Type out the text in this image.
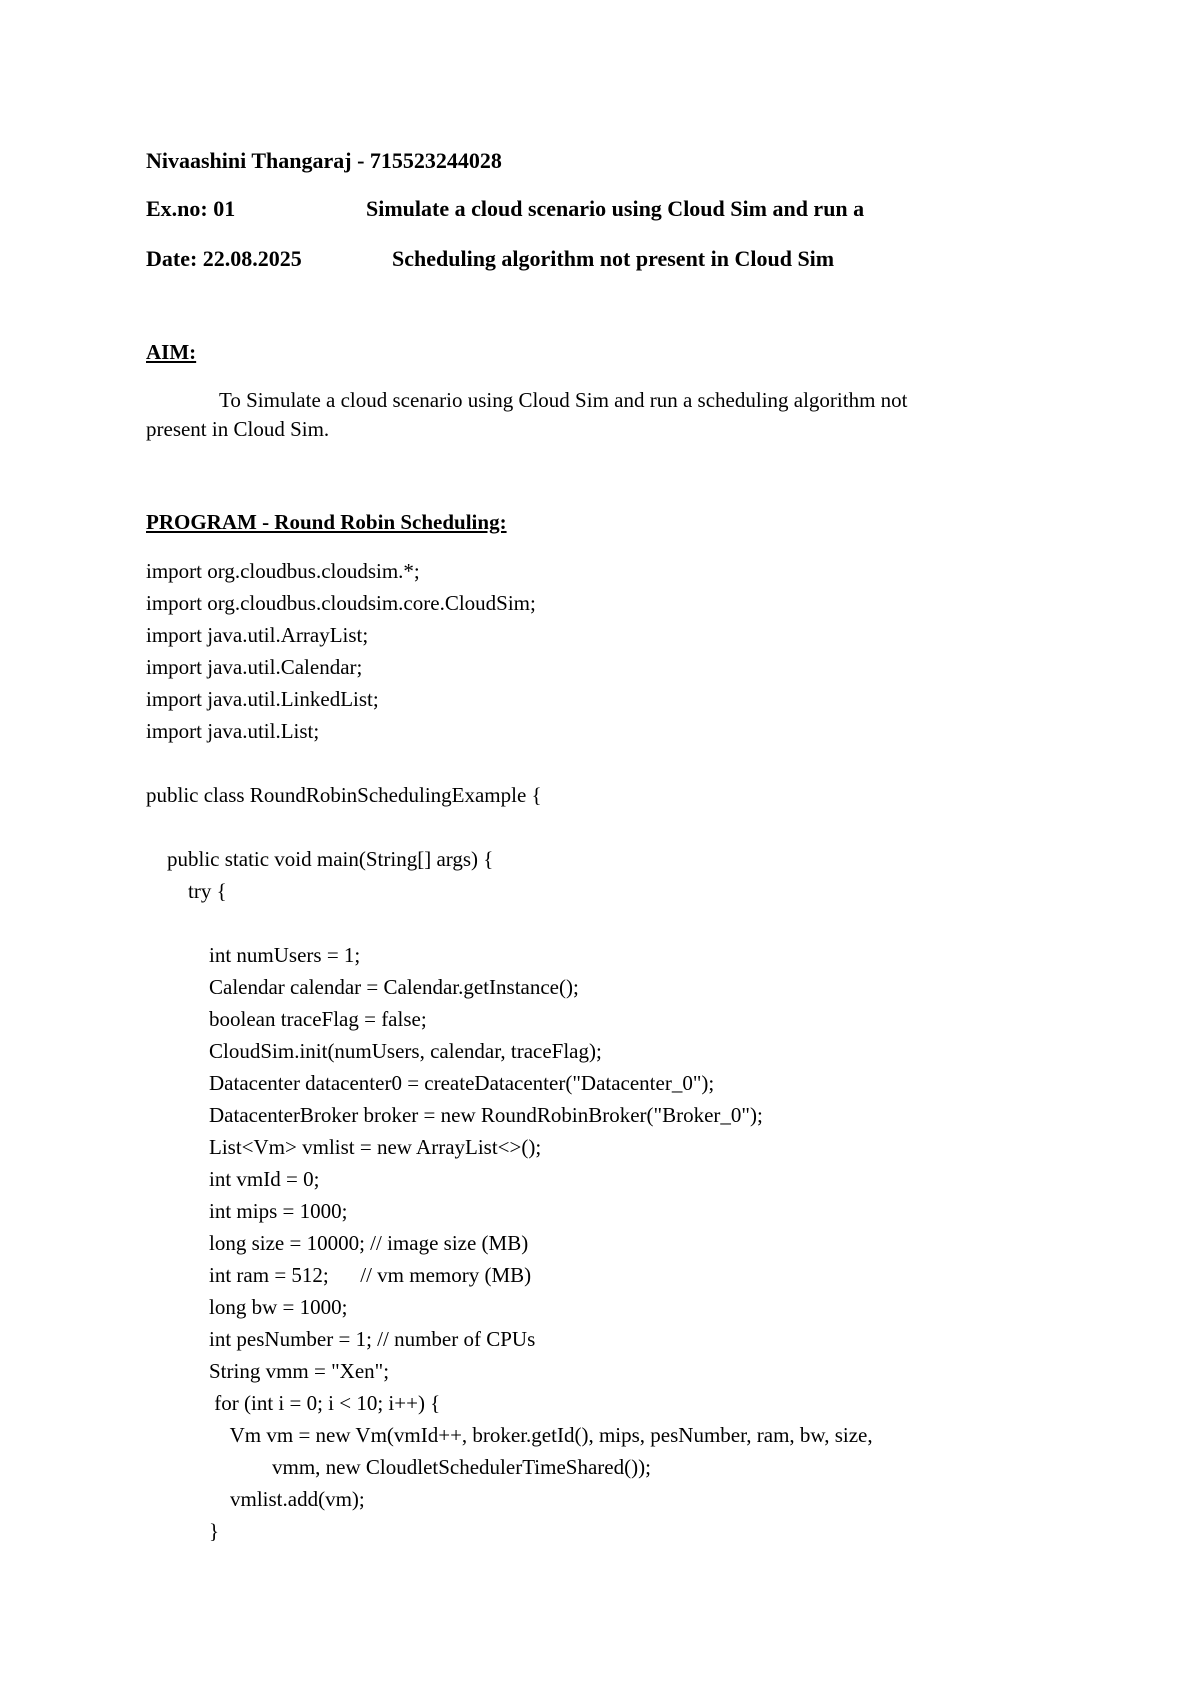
Nivaashini Thangaraj - 715523244028
Ex.no: 01	Simulate a cloud scenario using Cloud Sim and run a
Date: 22.08.2025	Scheduling algorithm not present in Cloud Sim
AIM:
To Simulate a cloud scenario using Cloud Sim and run a scheduling algorithm not
present in Cloud Sim.
PROGRAM - Round Robin Scheduling:
import org.cloudbus.cloudsim.*;
import org.cloudbus.cloudsim.core.CloudSim;
import java.util.ArrayList;
import java.util.Calendar;
import java.util.LinkedList;
import java.util.List;
public class RoundRobinSchedulingExample {
public static void main(String[] args) {
try {
int numUsers = 1;
Calendar calendar = Calendar.getInstance();
boolean traceFlag = false;
CloudSim.init(numUsers, calendar, traceFlag);
Datacenter datacenter0 = createDatacenter("Datacenter_0");
DatacenterBroker broker = new RoundRobinBroker("Broker_0");
List<Vm> vmlist = new ArrayList<>();
int vmId = 0;
int mips = 1000;
long size = 10000; // image size (MB)
int ram = 512;      // vm memory (MB)
long bw = 1000;
int pesNumber = 1; // number of CPUs
String vmm = "Xen";
for (int i = 0; i < 10; i++) {
Vm vm = new Vm(vmId++, broker.getId(), mips, pesNumber, ram, bw, size,
vmm, new CloudletSchedulerTimeShared());
vmlist.add(vm);
}
